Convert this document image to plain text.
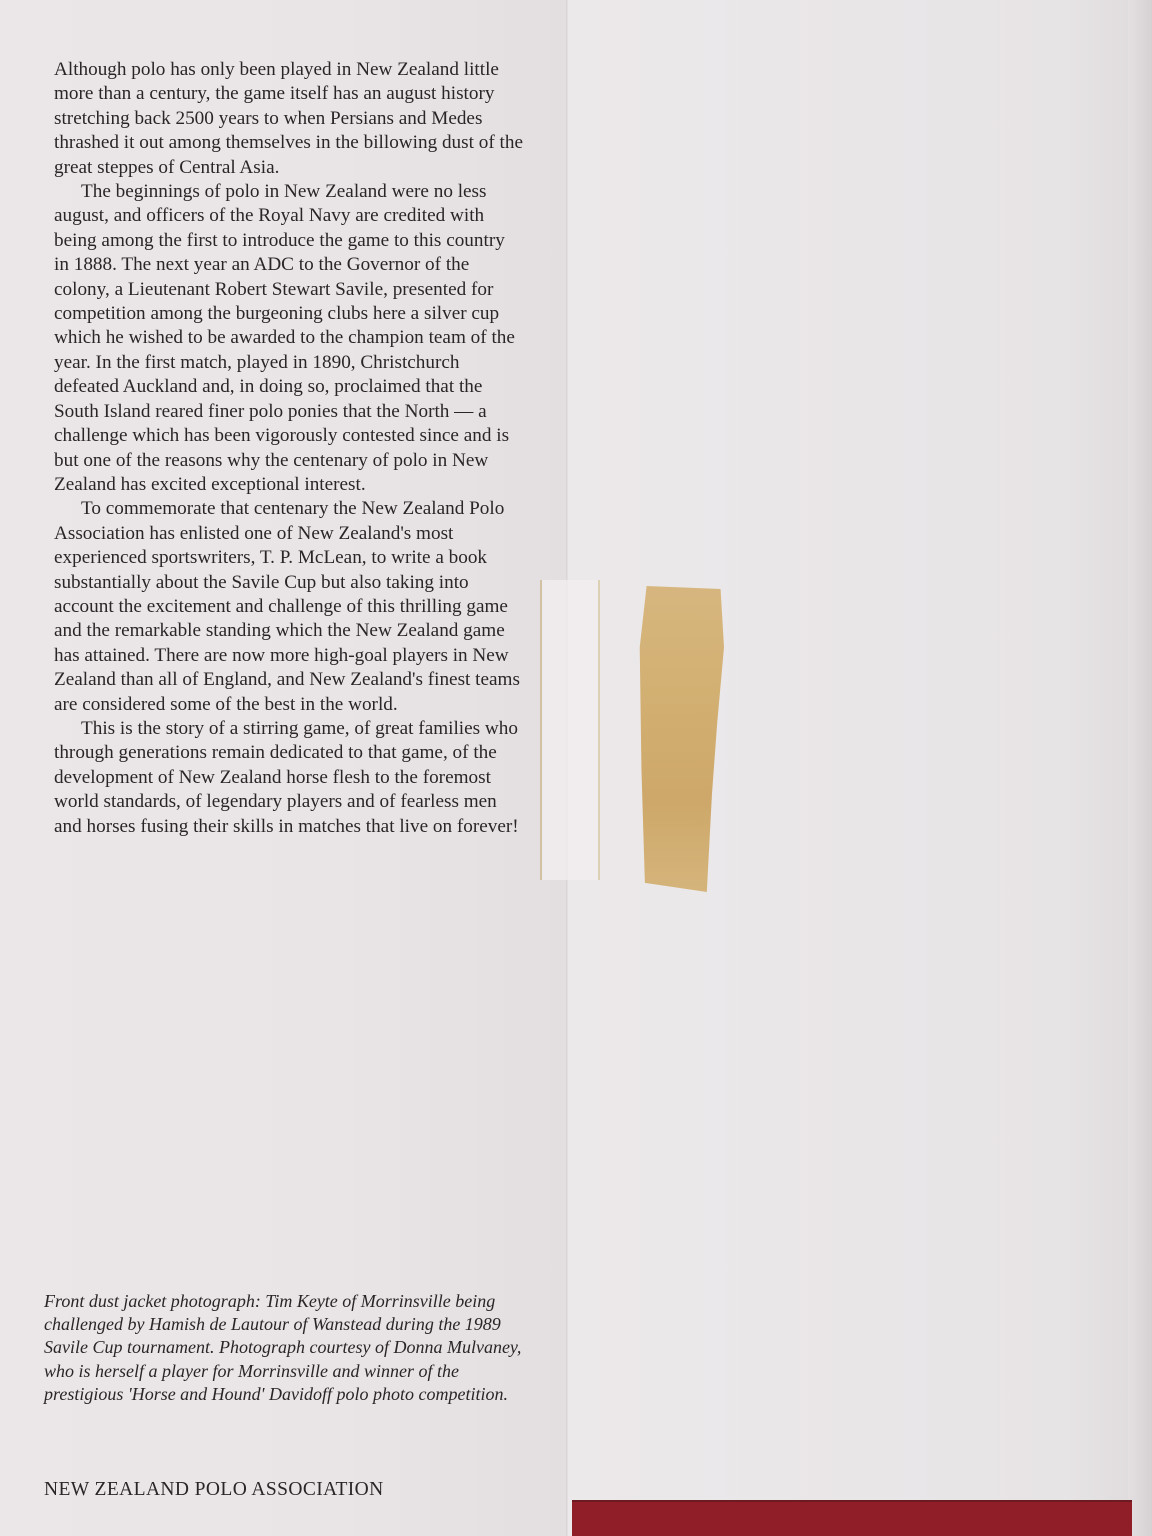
Although polo has only been played in New Zealand little more than a century, the game itself has an august history stretching back 2500 years to when Persians and Medes thrashed it out among themselves in the billowing dust of the great steppes of Central Asia.

The beginnings of polo in New Zealand were no less august, and officers of the Royal Navy are credited with being among the first to introduce the game to this country in 1888. The next year an ADC to the Governor of the colony, a Lieutenant Robert Stewart Savile, presented for competition among the burgeoning clubs here a silver cup which he wished to be awarded to the champion team of the year. In the first match, played in 1890, Christchurch defeated Auckland and, in doing so, proclaimed that the South Island reared finer polo ponies that the North — a challenge which has been vigorously contested since and is but one of the reasons why the centenary of polo in New Zealand has excited exceptional interest.

To commemorate that centenary the New Zealand Polo Association has enlisted one of New Zealand's most experienced sportswriters, T. P. McLean, to write a book substantially about the Savile Cup but also taking into account the excitement and challenge of this thrilling game and the remarkable standing which the New Zealand game has attained. There are now more high-goal players in New Zealand than all of England, and New Zealand's finest teams are considered some of the best in the world.

This is the story of a stirring game, of great families who through generations remain dedicated to that game, of the development of New Zealand horse flesh to the foremost world standards, of legendary players and of fearless men and horses fusing their skills in matches that live on forever!

Front dust jacket photograph: Tim Keyte of Morrinsville being challenged by Hamish de Lautour of Wanstead during the 1989 Savile Cup tournament. Photograph courtesy of Donna Mulvaney, who is herself a player for Morrinsville and winner of the prestigious 'Horse and Hound' Davidoff polo photo competition.

NEW ZEALAND POLO ASSOCIATION
